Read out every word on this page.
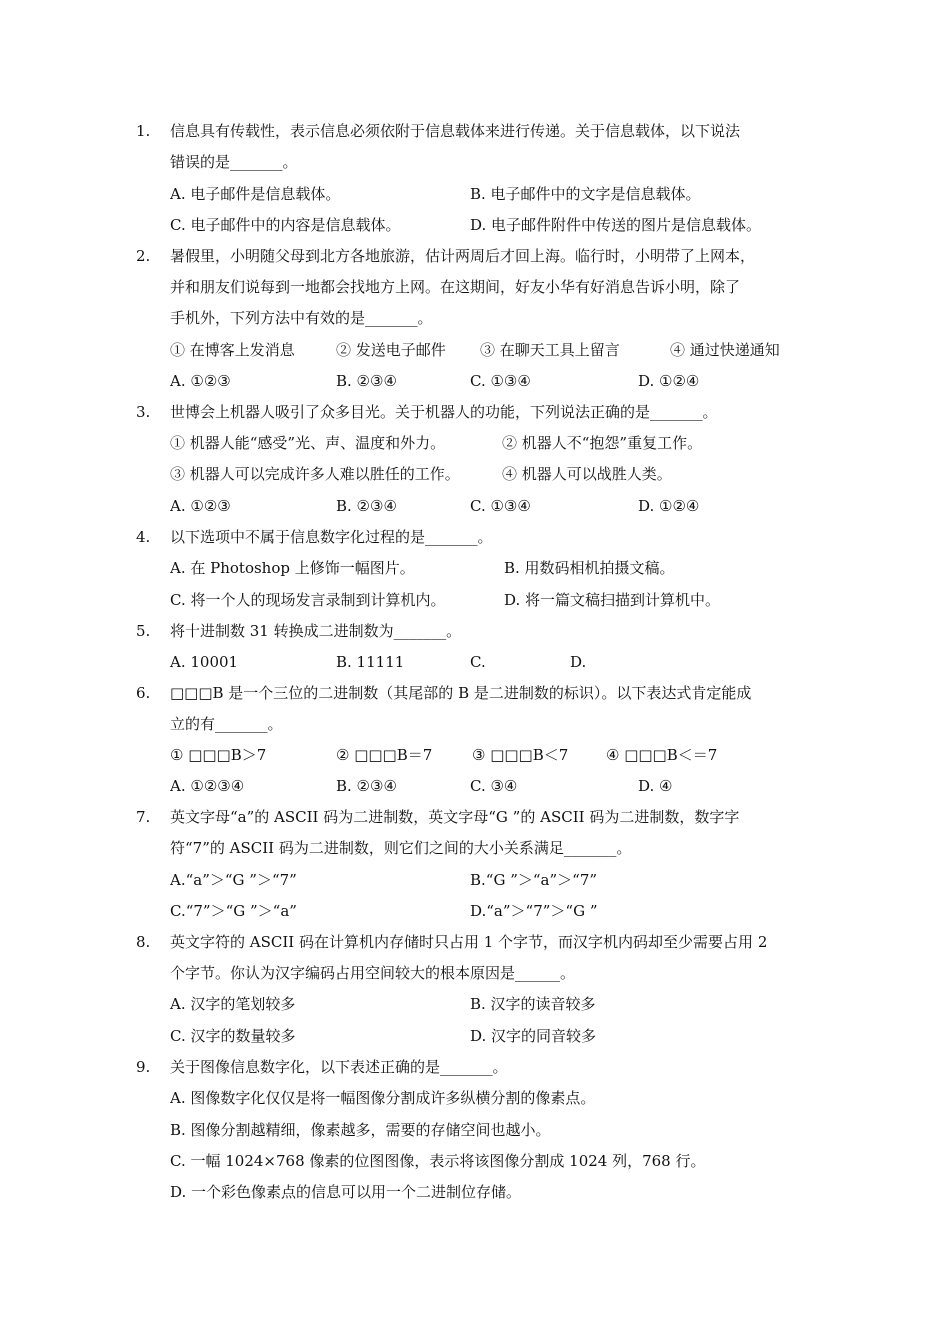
1. 信息具有传载性，表示信息必须依附于信息载体来进行传递。关于信息载体，以下说法
错误的是_______。
A. 电子邮件是信息载体。	B. 电子邮件中的文字是信息载体。
C. 电子邮件中的内容是信息载体。	D. 电子邮件附件中传送的图片是信息载体。
2. 暑假里，小明随父母到北方各地旅游，估计两周后才回上海。临行时，小明带了上网本，
并和朋友们说每到一地都会找地方上网。在这期间，好友小华有好消息告诉小明，除了
手机外，下列方法中有效的是_______。
① 在博客上发消息	② 发送电子邮件 ③ 在聊天工具上留言	④ 通过快递通知
A. ①②③	B. ②③④	C. ①③④	D. ①②④
3. 世博会上机器人吸引了众多目光。关于机器人的功能，下列说法正确的是_______。
① 机器人能“感受”光、声、温度和外力。	② 机器人不“抱怨”重复工作。
③ 机器人可以完成许多人难以胜任的工作。	④ 机器人可以战胜人类。
A. ①②③	B. ②③④	C. ①③④	D. ①②④
4. 以下选项中不属于信息数字化过程的是_______。
A. 在 Photoshop 上修饰一幅图片。	B. 用数码相机拍摄文稿。
C. 将一个人的现场发言录制到计算机内。	D. 将一篇文稿扫描到计算机中。
5. 将十进制数 31 转换成二进制数为_______。
A. 10001	B. 11111	C.	D.
6. □□□B 是一个三位的二进制数（其尾部的 B 是二进制数的标识）。以下表达式肯定能成
立的有_______。
① □□□B＞7	② □□□B＝7	③ □□□B＜7	④ □□□B＜＝7
A. ①②③④	B. ②③④	C. ③④	D. ④
7. 英文字母“a”的 ASCII 码为二进制数，英文字母“G ”的 ASCII 码为二进制数，数字字
符“7”的 ASCII 码为二进制数，则它们之间的大小关系满足_______。
A.“a”＞“G ”＞“7”	B.“G ”＞“a”＞“7”
C.“7”＞“G ”＞“a”	D.“a”＞“7”＞“G ”
8. 英文字符的 ASCII 码在计算机内存储时只占用 1 个字节，而汉字机内码却至少需要占用 2
个字节。你认为汉字编码占用空间较大的根本原因是______。
A. 汉字的笔划较多	B. 汉字的读音较多
C. 汉字的数量较多	D. 汉字的同音较多
9. 关于图像信息数字化，以下表述正确的是_______。
A. 图像数字化仅仅是将一幅图像分割成许多纵横分割的像素点。
B. 图像分割越精细，像素越多，需要的存储空间也越小。
C. 一幅 1024×768 像素的位图图像，表示将该图像分割成 1024 列，768 行。
D. 一个彩色像素点的信息可以用一个二进制位存储。
